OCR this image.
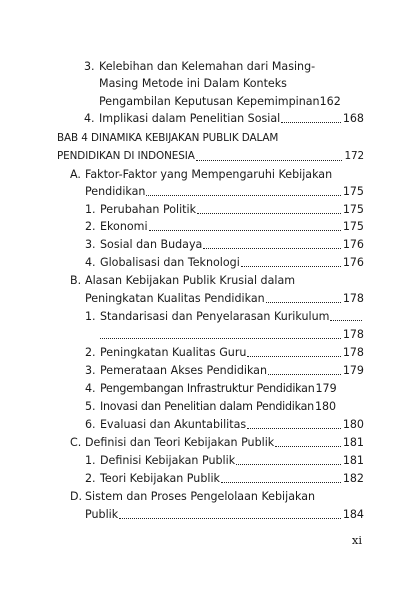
3. Kelebihan dan Kelemahan dari Masing-
Masing Metode ini Dalam Konteks
Pengambilan Keputusan Kepemimpinan 162
4. Implikasi dalam Penelitian Sosial	168
BAB 4 DINAMIKA KEBIJAKAN PUBLIK DALAM
PENDIDIKAN DI INDONESIA	172
A. Faktor-Faktor yang Mempengaruhi Kebijakan
Pendidikan	175
1. Perubahan Politik	175
2. Ekonomi	175
3. Sosial dan Budaya	176
4. Globalisasi dan Teknologi	176
B. Alasan Kebijakan Publik Krusial dalam
Peningkatan Kualitas Pendidikan	178
1. Standarisasi dan Penyelarasan Kurikulum
178
2. Peningkatan Kualitas Guru	178
3. Pemerataan Akses Pendidikan	179
4. Pengembangan Infrastruktur Pendidikan 179
5. Inovasi dan Penelitian dalam Pendidikan 180
6. Evaluasi dan Akuntabilitas	180
C. Definisi dan Teori Kebijakan Publik	181
1. Definisi Kebijakan Publik	181
2. Teori Kebijakan Publik	182
D. Sistem dan Proses Pengelolaan Kebijakan
Publik	184
xi
